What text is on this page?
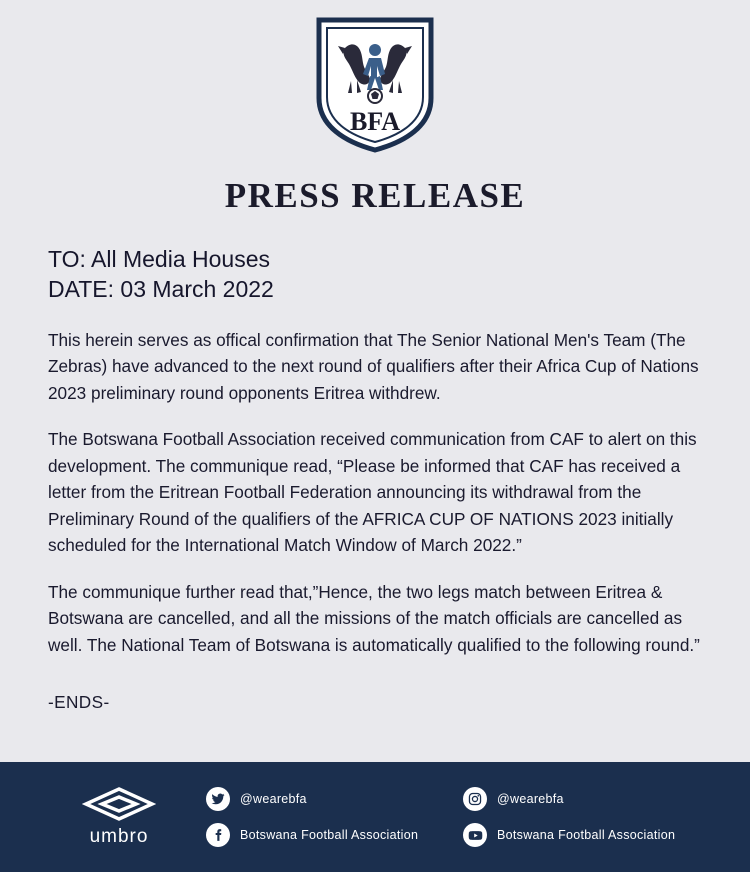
BFA
PRESS RELEASE
TO: All Media Houses
DATE: 03 March 2022
This herein serves as offical confirmation that The Senior National Men's Team (The Zebras) have advanced to the next round of qualifiers after their Africa Cup of Nations 2023 preliminary round opponents Eritrea withdrew.
The Botswana Football Association received communication from CAF to alert on this development. The communique read, “Please be informed that CAF has received a letter from the Eritrean Football Federation announcing its withdrawal from the Preliminary Round of the qualifiers of the AFRICA CUP OF NATIONS 2023 initially scheduled for the International Match Window of March 2022.”
The communique further read that,”Hence, the two legs match between Eritrea & Botswana are cancelled, and all the missions of the match officials are cancelled as well. The National Team of Botswana is automatically qualified to the following round.”
-ENDS-
umbro
@wearebfa	@wearebfa
Botswana Football Association	Botswana Football Association
